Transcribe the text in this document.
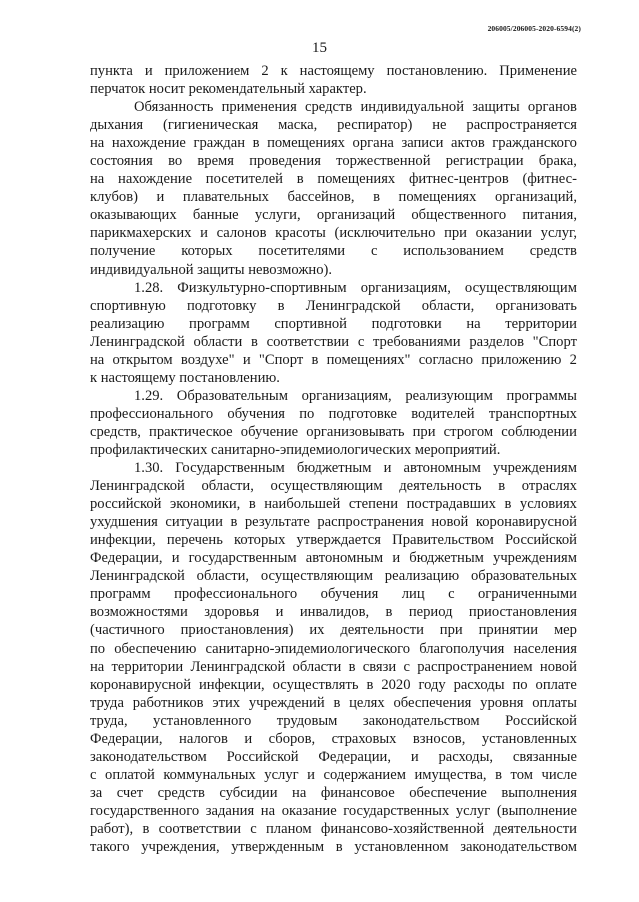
206005/206005-2020-6594(2)
15
пункта и приложением 2 к настоящему постановлению. Применение
перчаток носит рекомендательный характер.
Обязанность применения средств индивидуальной защиты органов
дыхания (гигиеническая маска, респиратор) не распространяется
на нахождение граждан в помещениях органа записи актов гражданского
состояния во время проведения торжественной регистрации брака,
на нахождение посетителей в помещениях фитнес-центров (фитнес-
клубов) и плавательных бассейнов, в помещениях организаций,
оказывающих банные услуги, организаций общественного питания,
парикмахерских и салонов красоты (исключительно при оказании услуг,
получение которых посетителями с использованием средств
индивидуальной защиты невозможно).
1.28. Физкультурно-спортивным организациям, осуществляющим
спортивную подготовку в Ленинградской области, организовать
реализацию программ спортивной подготовки на территории
Ленинградской области в соответствии с требованиями разделов "Спорт
на открытом воздухе" и "Спорт в помещениях" согласно приложению 2
к настоящему постановлению.
1.29. Образовательным организациям, реализующим программы
профессионального обучения по подготовке водителей транспортных
средств, практическое обучение организовывать при строгом соблюдении
профилактических санитарно-эпидемиологических мероприятий.
1.30. Государственным бюджетным и автономным учреждениям
Ленинградской области, осуществляющим деятельность в отраслях
российской экономики, в наибольшей степени пострадавших в условиях
ухудшения ситуации в результате распространения новой коронавирусной
инфекции, перечень которых утверждается Правительством Российской
Федерации, и государственным автономным и бюджетным учреждениям
Ленинградской области, осуществляющим реализацию образовательных
программ профессионального обучения лиц с ограниченными
возможностями здоровья и инвалидов, в период приостановления
(частичного приостановления) их деятельности при принятии мер
по обеспечению санитарно-эпидемиологического благополучия населения
на территории Ленинградской области в связи с распространением новой
коронавирусной инфекции, осуществлять в 2020 году расходы по оплате
труда работников этих учреждений в целях обеспечения уровня оплаты
труда, установленного трудовым законодательством Российской
Федерации, налогов и сборов, страховых взносов, установленных
законодательством Российской Федерации, и расходы, связанные
с оплатой коммунальных услуг и содержанием имущества, в том числе
за счет средств субсидии на финансовое обеспечение выполнения
государственного задания на оказание государственных услуг (выполнение
работ), в соответствии с планом финансово-хозяйственной деятельности
такого учреждения, утвержденным в установленном законодательством
